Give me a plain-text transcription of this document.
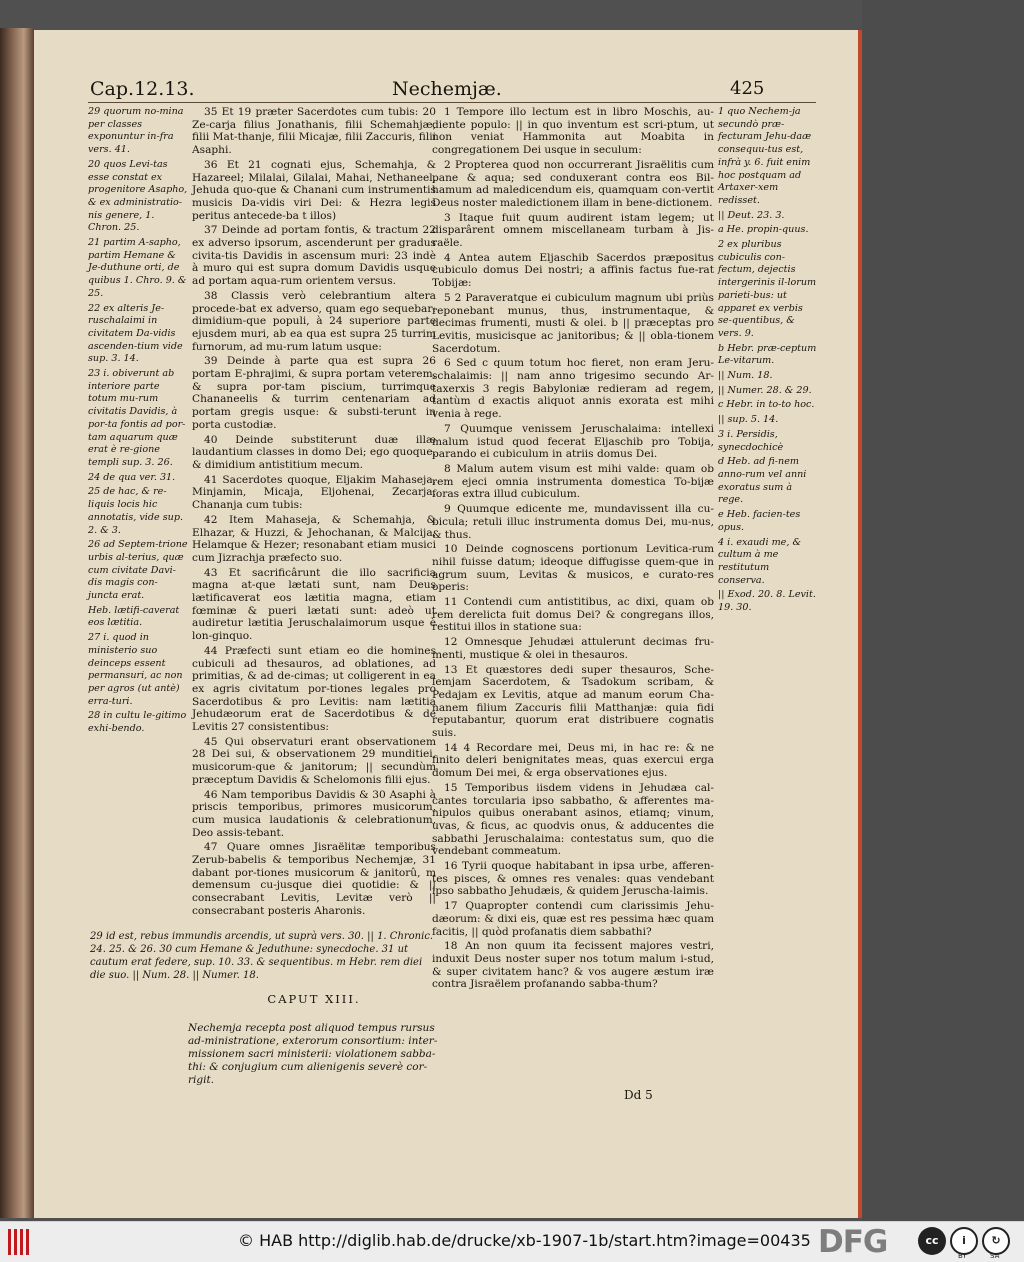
Cap.12.13.	Nechemjæ.	425
29 quorum no-mina per classes exponuntur in-fra vers. 41.
20 quos Levi-tas esse constat ex progenitore Asapho, & ex administratio-nis genere, 1. Chron. 25.
21 partim A-sapho, partim Hemane & Je-duthune orti, de quibus 1. Chro. 9. & 25.
22 ex alteris Je-ruschalaimi in civitatem Da-vidis ascenden-tium vide sup. 3. 14.
23 i. obiverunt ab interiore parte totum mu-rum civitatis Davidis, à por-ta fontis ad por-tam aquarum quæ erat è re-gione templi sup. 3. 26.
24 de qua ver. 31.
25 de hac, & re-liquis locis hic annotatis, vide sup. 2. & 3.
26 ad Septem-trione urbis al-terius, quæ cum civitate Davi-dis magis con-juncta erat.
Heb. lætifi-caverat eos lætitia.
27 i. quod in ministerio suo deinceps essent permansuri, ac non per agros (ut antè) erra-turi.
28 in cultu le-gitimo exhi-bendo.

35 Et 19 præter Sacerdotes cum tubis: 20 Ze-carja filius Jonathanis, filii Schemahjæ, filii Mat-thanje, filii Micajæ, filii Zaccuris, filii Asaphi.

36 Et 21 cognati ejus, Schemahja, & Hazareel; Milalai, Gilalai, Mahai, Nethaneel, Jehuda quo-que & Chanani cum instrumentis musicis Da-vidis viri Dei: & Hezra legis peritus antecede-ba t illos)

37 Deinde ad portam fontis, & tractum 22 ex adverso ipsorum, ascenderunt per gradus civita-tis Davidis in ascensum muri: 23 indè à muro qui est supra domum Davidis usque ad portam aqua-rum orientem versus.

38 Classis verò celebrantium altera procede-bat ex adverso, quam ego sequebar: dimidium-que populi, à 24 superiore parte ejusdem muri, ab ea qua est supra 25 turrim furnorum, ad mu-rum latum usque:

39 Deinde à parte qua est supra 26 portam E-phrajimi, & supra portam veterem, & supra por-tam piscium, turrimque Chananeelis & turrim centenariam ad portam gregis usque: & substi-terunt in porta custodiæ.

40 Deinde substiterunt duæ illæ laudantium classes in domo Dei; ego quoque, & dimidium antistitium mecum.

41 Sacerdotes quoque, Eljakim Mahaseja, Minjamin, Micaja, Eljohenai, Zecarja, Chananja cum tubis:

42 Item Mahaseja, & Schemahja, & Elhazar, & Huzzi, & Jehochanan, & Malcija, Helamque & Hezer; resonabant etiam musici cum Jizrachja præfecto suo.

43 Et sacrificârunt die illo sacrificia magna at-que lætati sunt, nam Deus lætificaverat eos lætitia magna, etiam fœminæ & pueri lætati sunt: adeò ut audiretur lætitia Jeruschalaimorum usque è lon-ginquo.

44 Præfecti sunt etiam eo die homines cubiculi ad thesauros, ad oblationes, ad primitias, & ad de-cimas; ut colligerent in ea ex agris civitatum por-tiones legales pro Sacerdotibus & pro Levitis: nam lætitia Jehudæorum erat de Sacerdotibus & de Levitis 27 consistentibus:

45 Qui observaturi erant observationem 28 Dei sui, & observationem 29 munditiei, musicorum-que & janitorum; || secundùm præceptum Davidis & Schelomonis filii ejus.

46 Nam temporibus Davidis & 30 Asaphi à priscis temporibus, primores musicorum, cum musica laudationis & celebrationum, Deo assis-tebant.

47 Quare omnes Jisraëlitæ temporibus Zerub-babelis & temporibus Nechemjæ, 31 dabant por-tiones musicorum & janitorû, m demensum cu-jusque diei quotidie: & || consecrabant Levitis, Levitæ verò || consecrabant posteris Aharonis.

1 Tempore illo lectum est in libro Moschis, au-diente populo: || in quo inventum est scri-ptum, ut non veniat Hammonita aut Moabita in congregationem Dei usque in seculum:

2 Propterea quod non occurrerant Jisraëlitis cum pane & aqua; sed conduxerant contra eos Bil-hamum ad maledicendum eis, quamquam con-vertit Deus noster maledictionem illam in bene-dictionem.

3 Itaque fuit quum audirent istam legem; ut disparârent omnem miscellaneam turbam à Jis-raële.

4 Antea autem Eljaschib Sacerdos præpositus cubiculo domus Dei nostri; a affinis factus fue-rat Tobijæ:

5 2 Paraveratque ei cubiculum magnum ubi priùs reponebant munus, thus, instrumentaque, & decimas frumenti, musti & olei. b || præceptas pro Levitis, musicisque ac janitoribus; & || obla-tionem Sacerdotum.

6 Sed c quum totum hoc fieret, non eram Jeru-schalaimis: || nam anno trigesimo secundo Ar-taxerxis 3 regis Babyloniæ redieram ad regem, tantùm d exactis aliquot annis exorata est mihi venia à rege.

7 Quumque venissem Jeruschalaima: intellexi malum istud quod fecerat Eljaschib pro Tobija, parando ei cubiculum in atriis domus Dei.

8 Malum autem visum est mihi valde: quam ob rem ejeci omnia instrumenta domestica To-bijæ foras extra illud cubiculum.

9 Quumque edicente me, mundavissent illa cu-bicula; retuli illuc instrumenta domus Dei, mu-nus, & thus.

10 Deinde cognoscens portionum Levitica-rum nihil fuisse datum; ideoque diffugisse quem-que in agrum suum, Levitas & musicos, e curato-res operis:

11 Contendi cum antistitibus, ac dixi, quam ob rem derelicta fuit domus Dei? & congregans illos, restitui illos in statione sua:

12 Omnesque Jehudæi attulerunt decimas fru-menti, mustique & olei in thesauros.

13 Et quæstores dedi super thesauros, Sche-lemjam Sacerdotem, & Tsadokum scribam, & Pedajam ex Levitis, atque ad manum eorum Cha-nanem filium Zaccuris filii Matthanjæ: quia fidi reputabantur, quorum erat distribuere cognatis suis.

14 4 Recordare mei, Deus mi, in hac re: & ne finito deleri benignitates meas, quas exercui erga domum Dei mei, & erga observationes ejus.

15 Temporibus iisdem videns in Jehudæa cal-cantes torcularia ipso sabbatho, & afferentes ma-nipulos quibus onerabant asinos, etiamq; vinum, uvas, & ficus, ac quodvis onus, & adducentes die sabbathi Jeruschalaima: contestatus sum, quo die vendebant commeatum.

16 Tyrii quoque habitabant in ipsa urbe, afferen-tes pisces, & omnes res venales: quas vendebant ipso sabbatho Jehudæis, & quidem Jeruscha-laimis.

17 Quapropter contendi cum clarissimis Jehu-dæorum: & dixi eis, quæ est res pessima hæc quam facitis, || quòd profanatis diem sabbathi?

18 An non quum ita fecissent majores vestri, induxit Deus noster super nos totum malum i-stud, & super civitatem hanc? & vos augere æstum iræ contra Jisraëlem profanando sabba-thum?

1 quo Nechem-ja secundò præ-fecturam Jehu-daæ consequu-tus est, infrà y. 6. fuit enim hoc postquam ad Artaxer-xem redisset.
|| Deut. 23. 3.
a He. propin-quus.
2 ex pluribus cubiculis con-fectum, dejectis intergerinis il-lorum parieti-bus: ut apparet ex verbis se-quentibus, & vers. 9.
b Hebr. præ-ceptum Le-vitarum.
|| Num. 18.
|| Numer. 28. & 29.
c Hebr. in to-to hoc.
|| sup. 5. 14.
3 i. Persidis, synecdochicè
d Heb. ad fi-nem anno-rum vel anni exoratus sum à rege.
e Heb. facien-tes opus.
4 i. exaudi me, & cultum à me restitutum conserva.
|| Exod. 20. 8. Levit. 19. 30.
29 id est, rebus immundis arcendis, ut suprà vers. 30. || 1. Chronic. 24. 25. & 26. 30 cum Hemane & Jeduthune: synecdoche. 31 ut cautum erat federe, sup. 10. 33. & sequentibus. m Hebr. rem diei die suo. || Num. 28. || Numer. 18.
CAPUT XIII.
Nechemja recepta post aliquod tempus rursus ad-ministratione, exterorum consortium: inter-missionem sacri ministerii: violationem sabba-thi: & conjugium cum alienigenis severè cor-rigit.
Dd 5
© HAB http://diglib.hab.de/drucke/xb-1907-1b/start.htm?image=00435 DFG	cc	i	↻
BY	SA
